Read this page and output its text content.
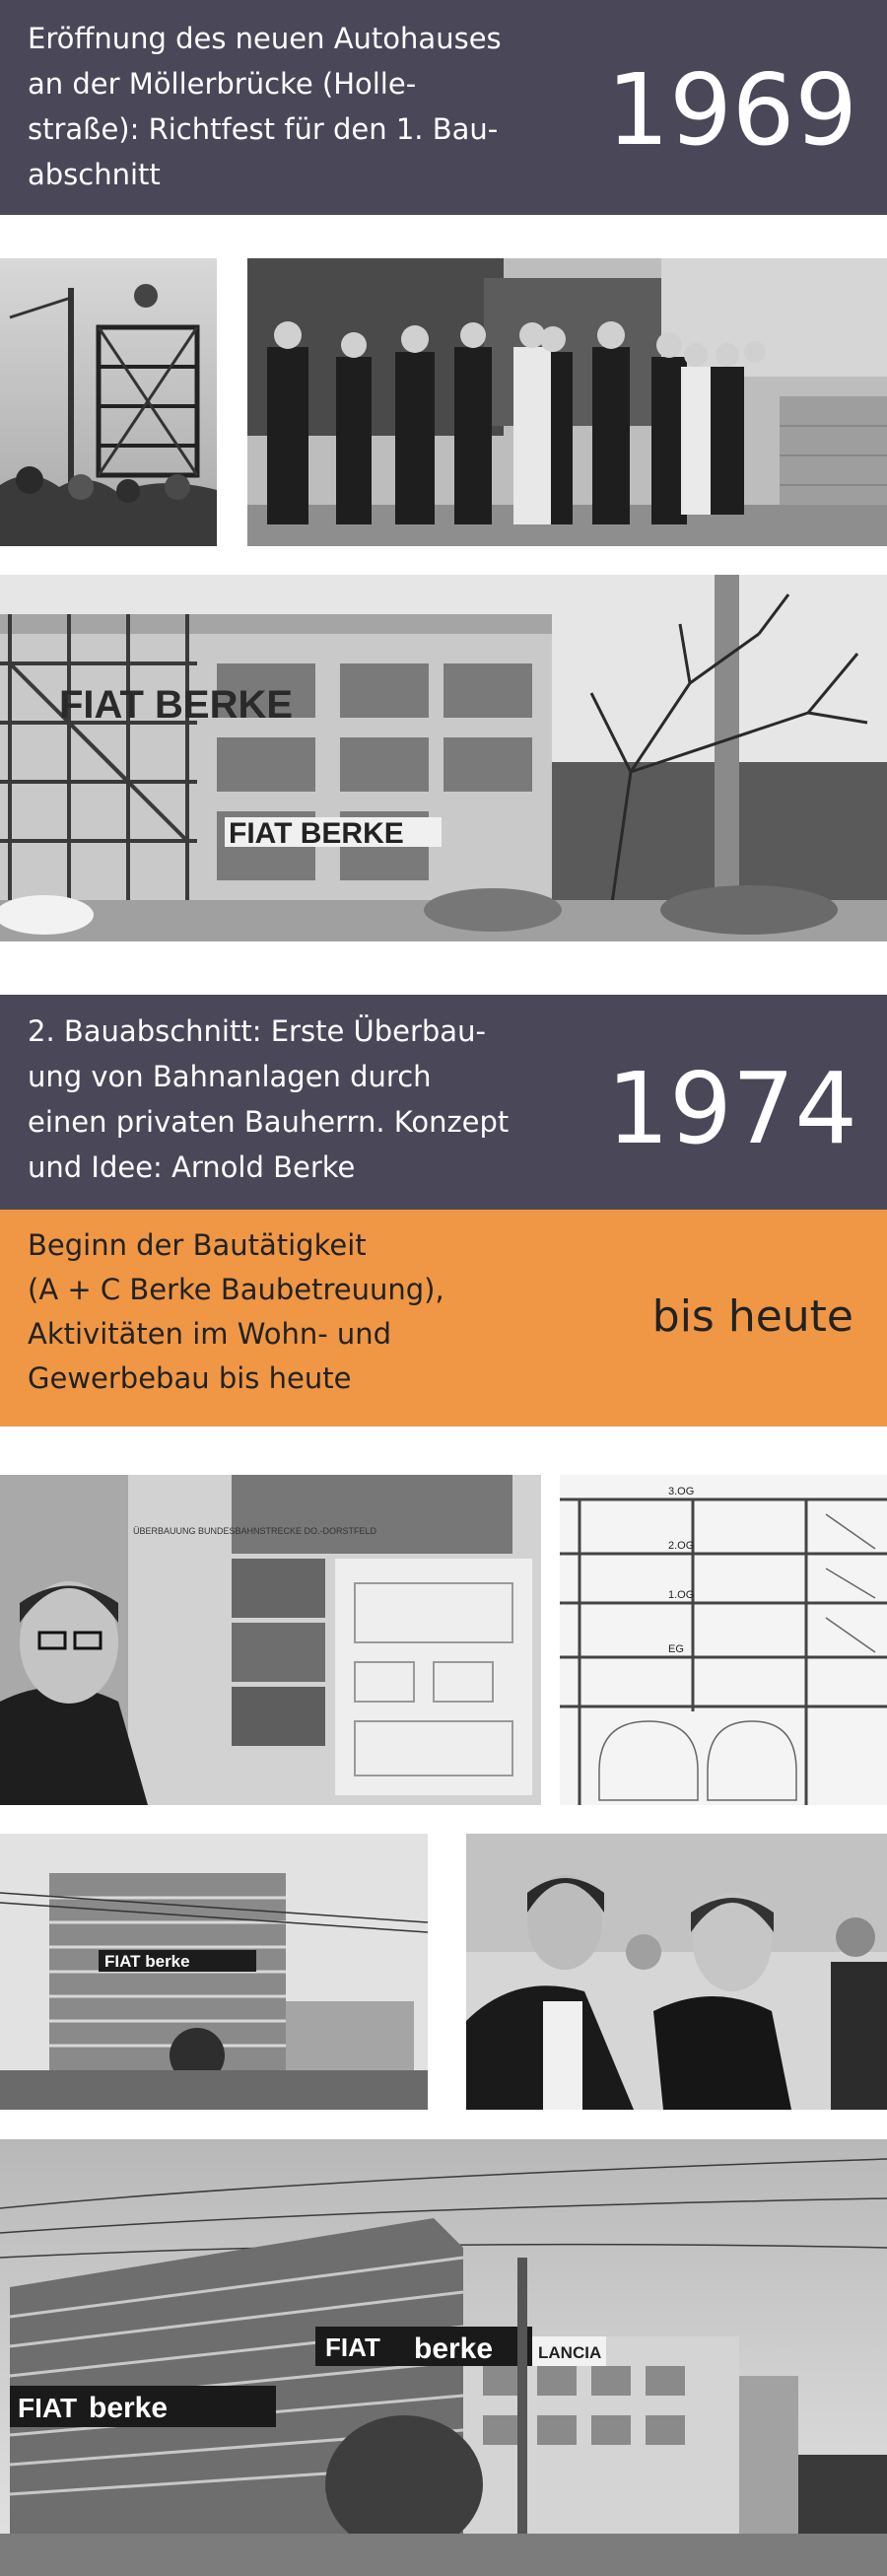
Eröffnung des neuen Autohauses
an der Möllerbrücke (Holle-
straße): Richtfest für den 1. Bau-
abschnitt
1969
FIAT BERKE
FIAT BERKE
2. Bauabschnitt: Erste Überbau-
ung von Bahnanlagen durch
einen privaten Bauherrn. Konzept
und Idee: Arnold Berke
1974
Beginn der Bautätigkeit
(A + C Berke Baubetreuung),
Aktivitäten im Wohn- und
Gewerbebau bis heute
bis heute
ÜBERBAUUNG BUNDESBAHNSTRECKE DO.-DORSTFELD
3.OG
2.OG
1.OG
EG
FIAT berke
FIAT berke
FIAT berke	LANCIA
